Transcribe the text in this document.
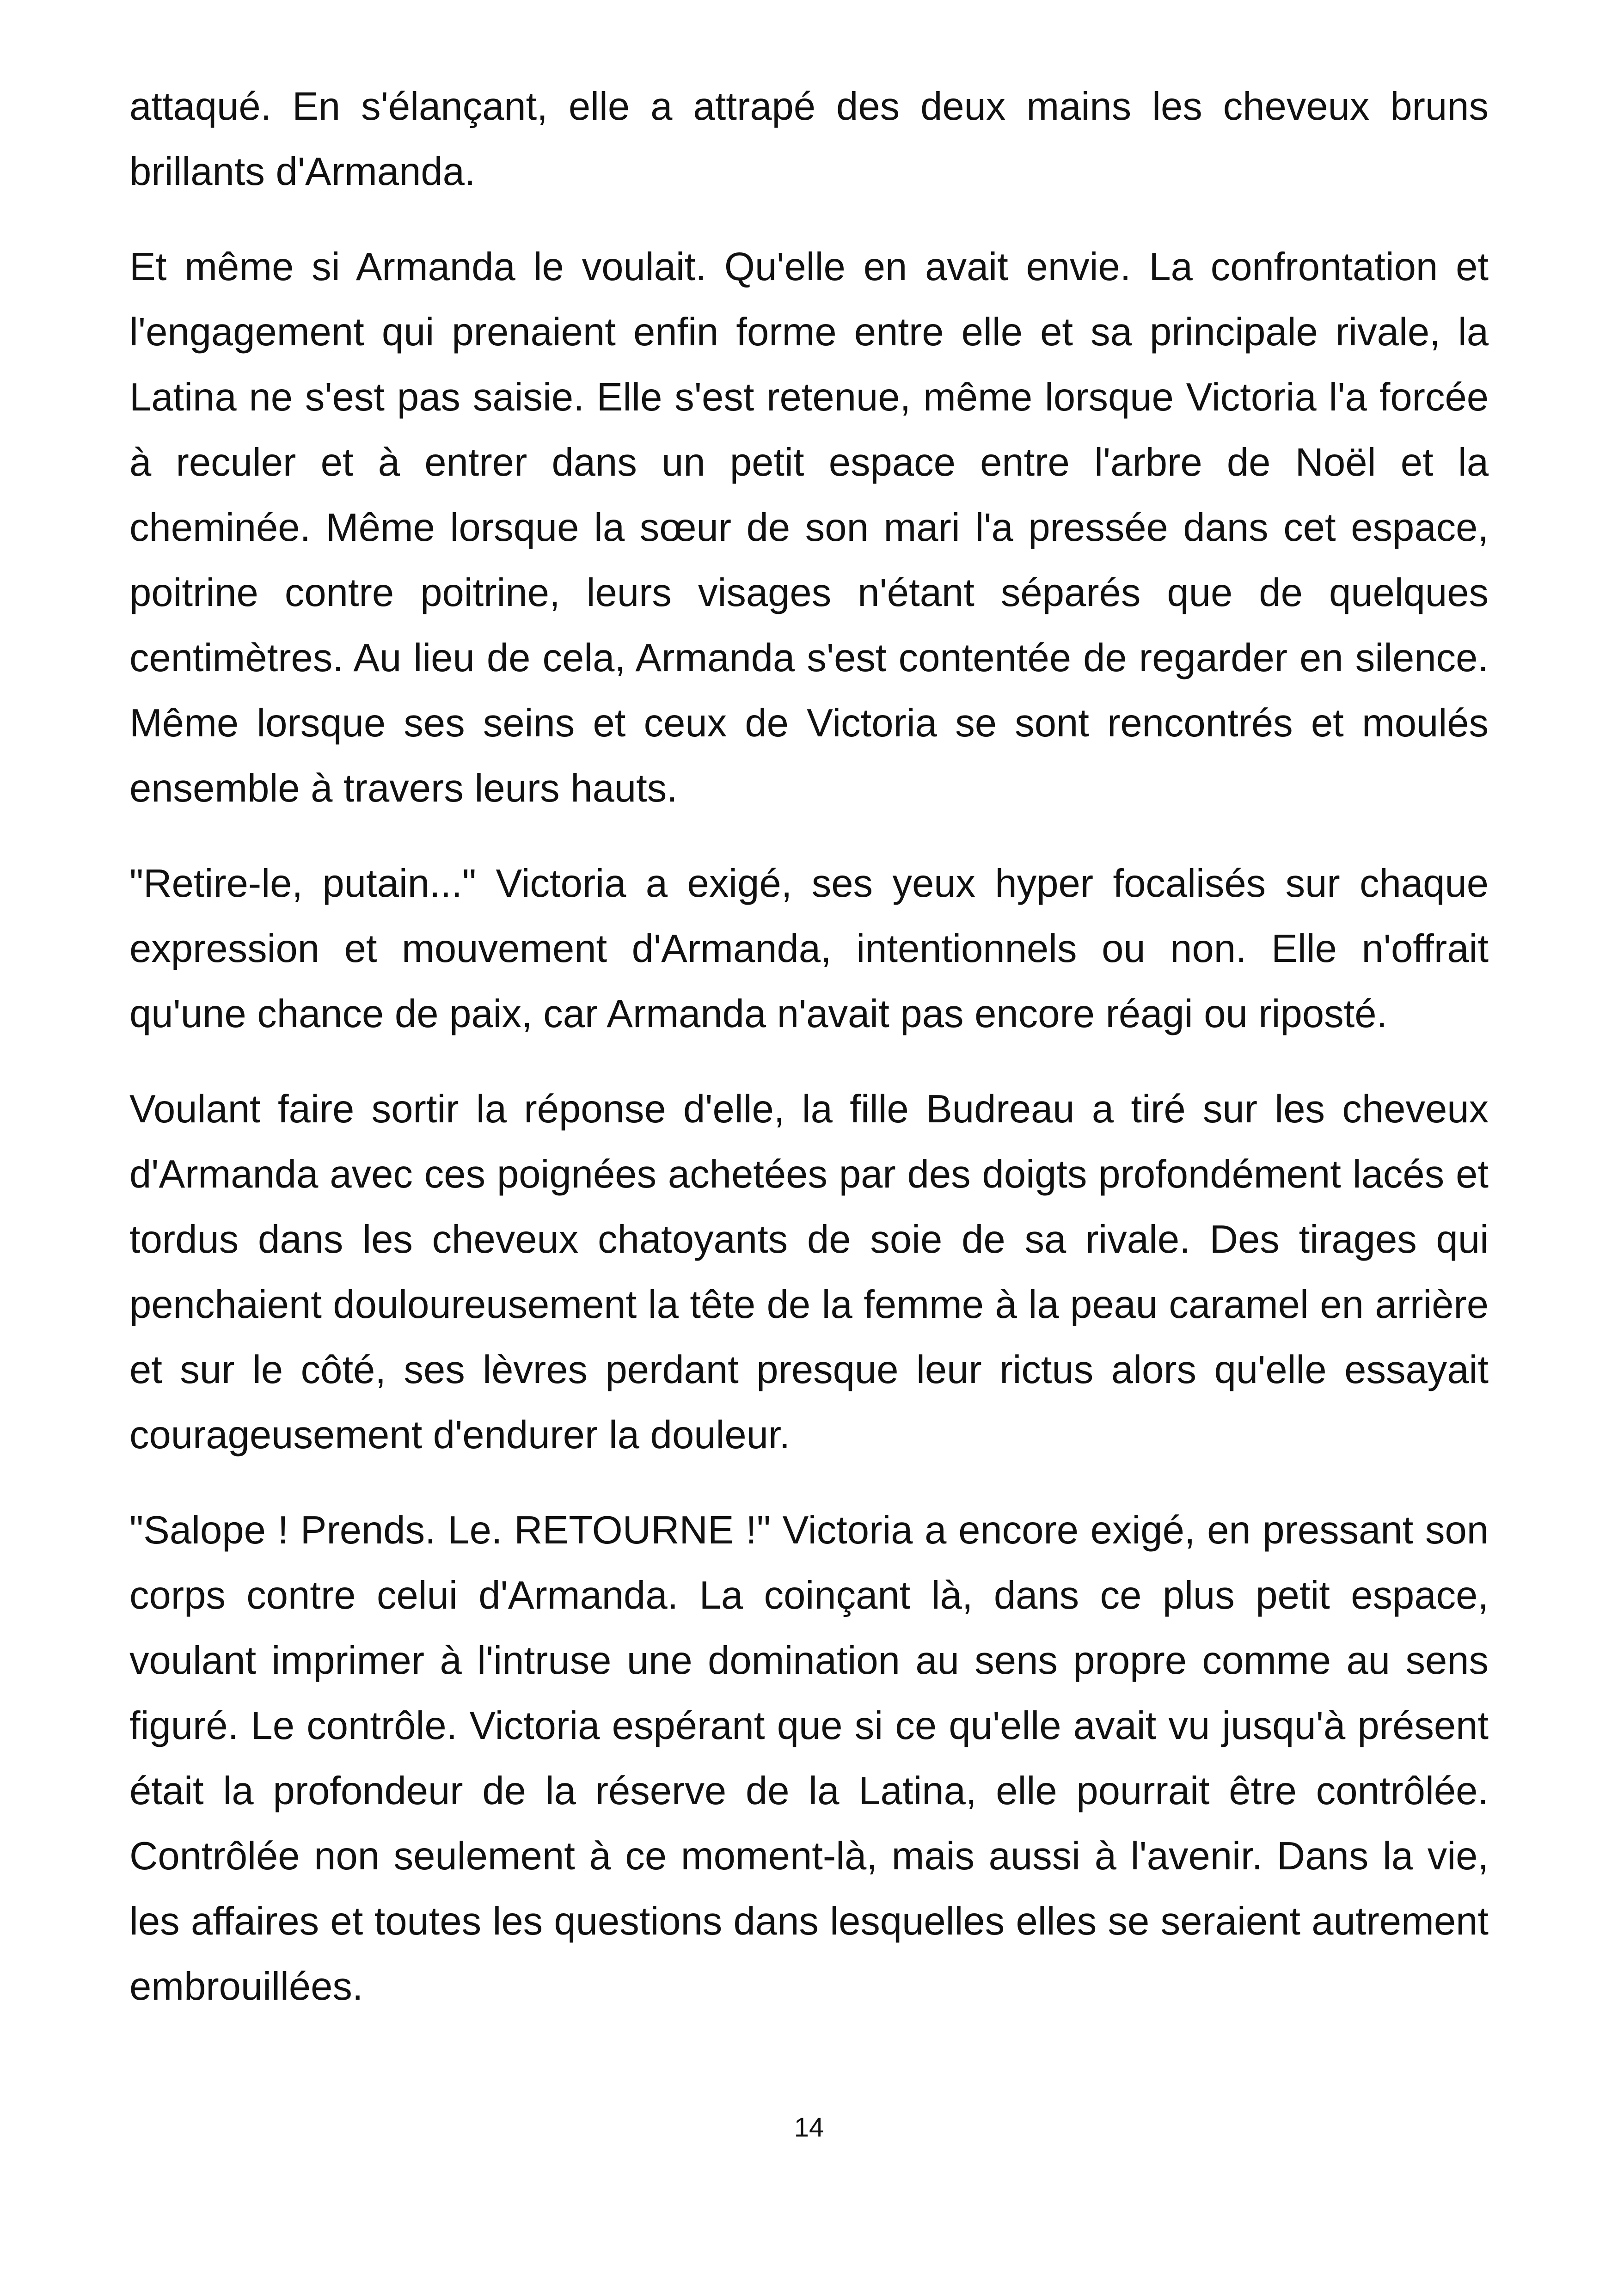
attaqué. En s'élançant, elle a attrapé des deux mains les cheveux bruns brillants d'Armanda.

Et même si Armanda le voulait. Qu'elle en avait envie. La confrontation et l'engagement qui prenaient enfin forme entre elle et sa principale rivale, la Latina ne s'est pas saisie. Elle s'est retenue, même lorsque Victoria l'a forcée à reculer et à entrer dans un petit espace entre l'arbre de Noël et la cheminée. Même lorsque la sœur de son mari l'a pressée dans cet espace, poitrine contre poitrine, leurs visages n'étant séparés que de quelques centimètres. Au lieu de cela, Armanda s'est contentée de regarder en silence. Même lorsque ses seins et ceux de Victoria se sont rencontrés et moulés ensemble à travers leurs hauts.

"Retire-le, putain..." Victoria a exigé, ses yeux hyper focalisés sur chaque expression et mouvement d'Armanda, intentionnels ou non. Elle n'offrait qu'une chance de paix, car Armanda n'avait pas encore réagi ou riposté.

Voulant faire sortir la réponse d'elle, la fille Budreau a tiré sur les cheveux d'Armanda avec ces poignées achetées par des doigts profondément lacés et tordus dans les cheveux chatoyants de soie de sa rivale. Des tirages qui penchaient douloureusement la tête de la femme à la peau caramel en arrière et sur le côté, ses lèvres perdant presque leur rictus alors qu'elle essayait courageusement d'endurer la douleur.

"Salope ! Prends. Le. RETOURNE !" Victoria a encore exigé, en pressant son corps contre celui d'Armanda. La coinçant là, dans ce plus petit espace, voulant imprimer à l'intruse une domination au sens propre comme au sens figuré. Le contrôle. Victoria espérant que si ce qu'elle avait vu jusqu'à présent était la profondeur de la réserve de la Latina, elle pourrait être contrôlée. Contrôlée non seulement à ce moment-là, mais aussi à l'avenir. Dans la vie, les affaires et toutes les questions dans lesquelles elles se seraient autrement embrouillées.

14
